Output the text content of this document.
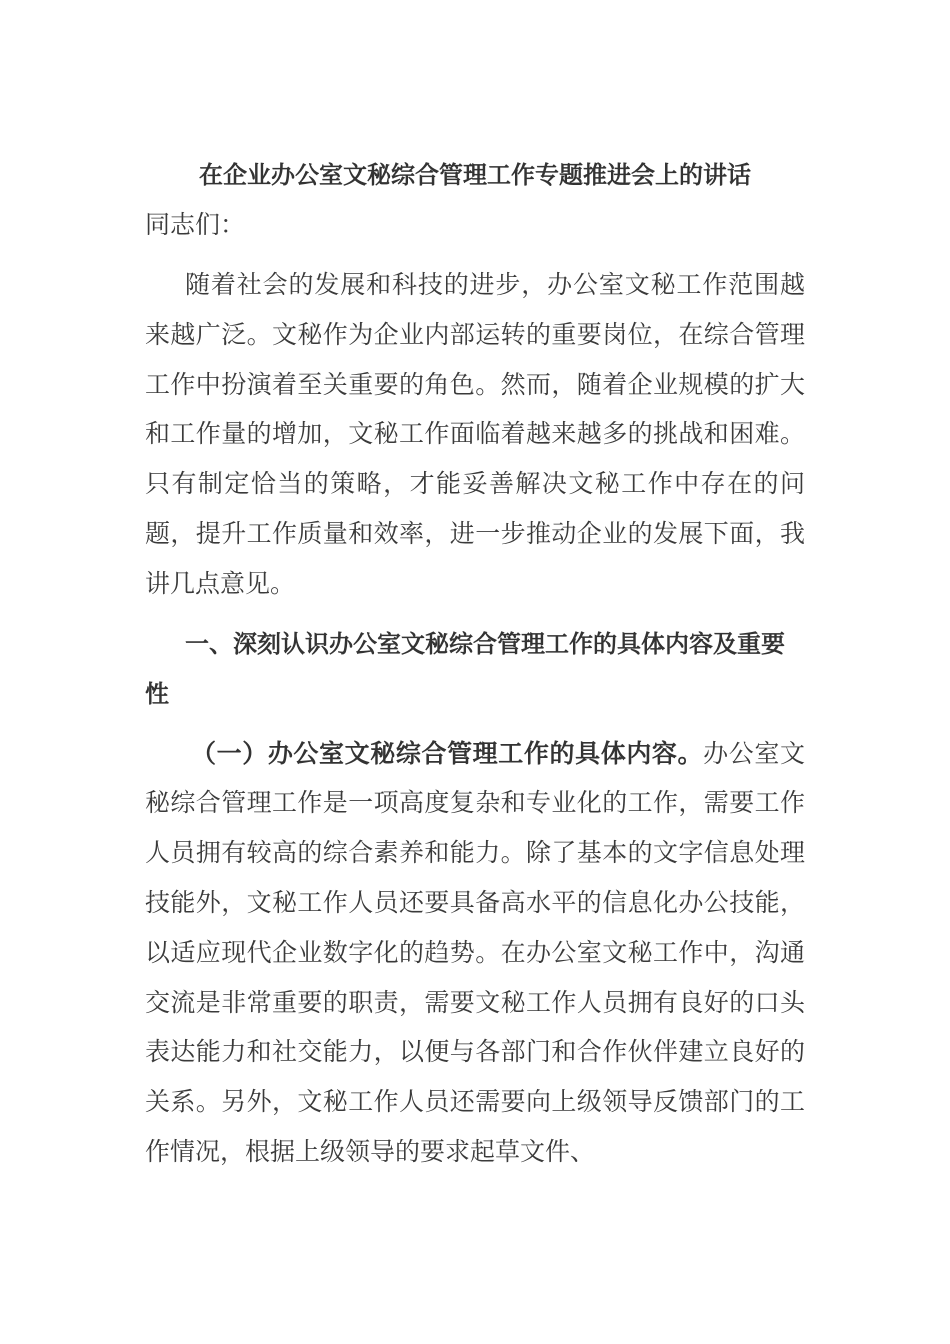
在企业办公室文秘综合管理工作专题推进会上的讲话

同志们：

随着社会的发展和科技的进步，办公室文秘工作范围越来越广泛。文秘作为企业内部运转的重要岗位，在综合管理工作中扮演着至关重要的角色。然而，随着企业规模的扩大和工作量的增加，文秘工作面临着越来越多的挑战和困难。只有制定恰当的策略，才能妥善解决文秘工作中存在的问题，提升工作质量和效率，进一步推动企业的发展下面，我讲几点意见。

一、深刻认识办公室文秘综合管理工作的具体内容及重要性

（一）办公室文秘综合管理工作的具体内容。办公室文秘综合管理工作是一项高度复杂和专业化的工作，需要工作人员拥有较高的综合素养和能力。除了基本的文字信息处理技能外，文秘工作人员还要具备高水平的信息化办公技能，以适应现代企业数字化的趋势。在办公室文秘工作中，沟通交流是非常重要的职责，需要文秘工作人员拥有良好的口头表达能力和社交能力，以便与各部门和合作伙伴建立良好的关系。另外，文秘工作人员还需要向上级领导反馈部门的工作情况，根据上级领导的要求起草文件、
